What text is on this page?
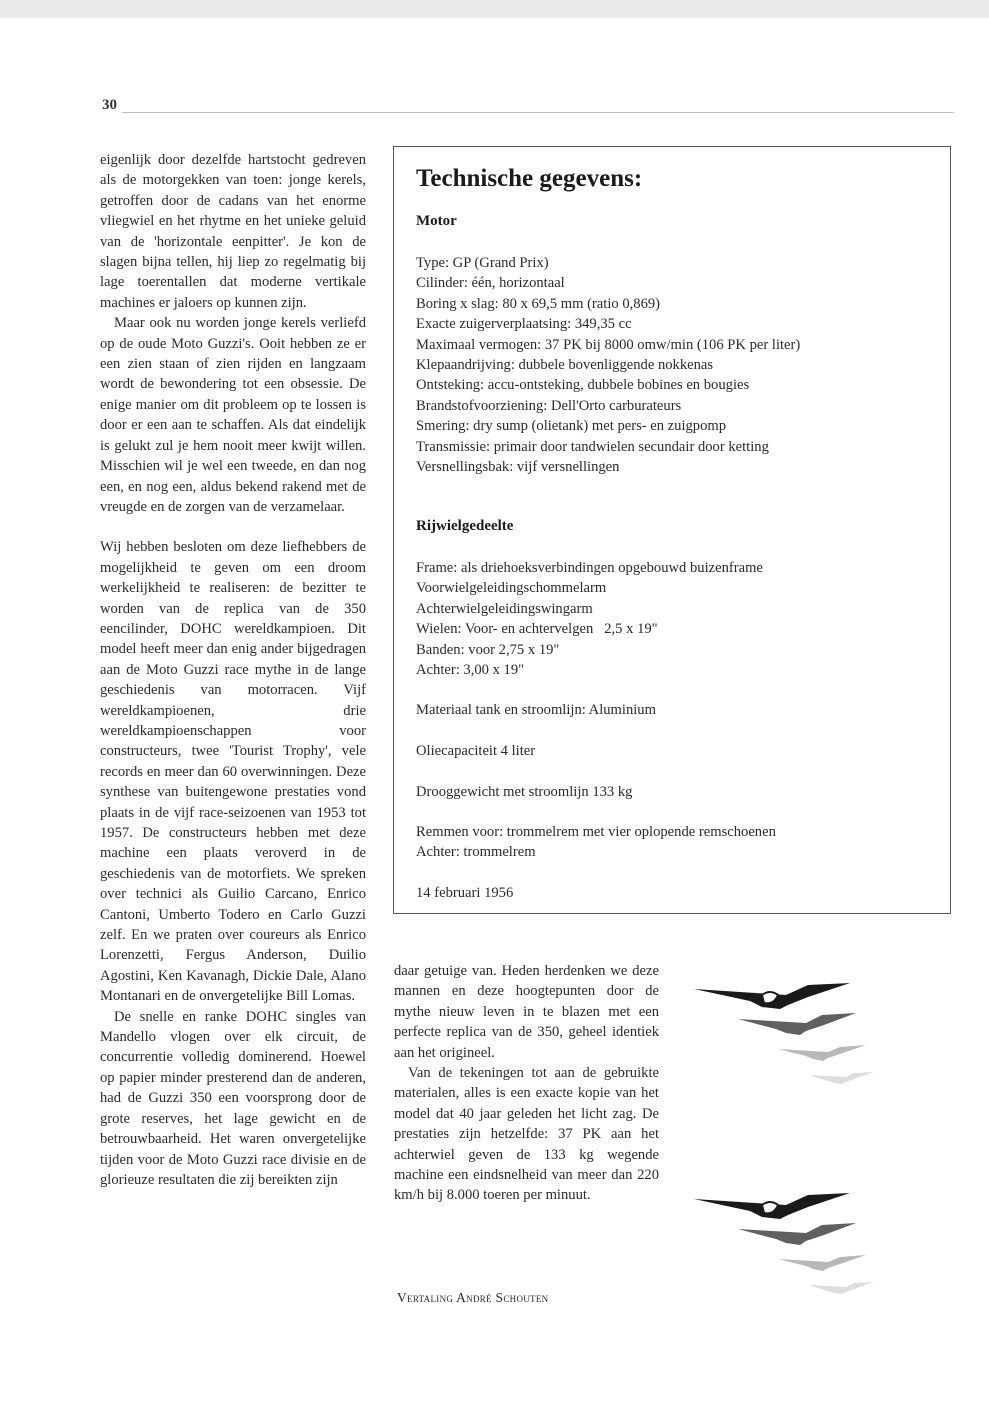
30

eigenlijk door dezelfde hartstocht gedreven als de motorgekken van toen: jonge kerels, getroffen door de cadans van het enorme vliegwiel en het rhytme en het unieke geluid van de 'horizontale eenpitter'. Je kon de slagen bijna tellen, hij liep zo regelmatig bij lage toerentallen dat moderne vertikale machines er jaloers op kunnen zijn.

Maar ook nu worden jonge kerels verliefd op de oude Moto Guzzi's. Ooit hebben ze er een zien staan of zien rijden en langzaam wordt de bewondering tot een obsessie. De enige manier om dit probleem op te lossen is door er een aan te schaffen. Als dat eindelijk is gelukt zul je hem nooit meer kwijt willen. Misschien wil je wel een tweede, en dan nog een, en nog een, aldus bekend rakend met de vreugde en de zorgen van de verzamelaar.

Wij hebben besloten om deze liefhebbers de mogelijkheid te geven om een droom werkelijkheid te realiseren: de bezitter te worden van de replica van de 350 eencilinder, DOHC wereldkampioen. Dit model heeft meer dan enig ander bijgedragen aan de Moto Guzzi race mythe in de lange geschiedenis van motorracen. Vijf wereldkampioenen, drie wereldkampioenschappen voor constructeurs, twee 'Tourist Trophy', vele records en meer dan 60 overwinningen. Deze synthese van buitengewone prestaties vond plaats in de vijf race-seizoenen van 1953 tot 1957. De constructeurs hebben met deze machine een plaats veroverd in de geschiedenis van de motorfiets. We spreken over technici als Guilio Carcano, Enrico Cantoni, Umberto Todero en Carlo Guzzi zelf. En we praten over coureurs als Enrico Lorenzetti, Fergus Anderson, Duilio Agostini, Ken Kavanagh, Dickie Dale, Alano Montanari en de onvergetelijke Bill Lomas.

De snelle en ranke DOHC singles van Mandello vlogen over elk circuit, de concurrentie volledig dominerend. Hoewel op papier minder presterend dan de anderen, had de Guzzi 350 een voorsprong door de grote reserves, het lage gewicht en de betrouwbaarheid. Het waren onvergetelijke tijden voor de Moto Guzzi race divisie en de glorieuze resultaten die zij bereikten zijn

Technische gegevens:
Motor
Type: GP (Grand Prix)
Cilinder: één, horizontaal
Boring x slag: 80 x 69,5 mm (ratio 0,869)
Exacte zuigerverplaatsing: 349,35 cc
Maximaal vermogen: 37 PK bij 8000 omw/min (106 PK per liter)
Klepaandrijving: dubbele bovenliggende nokkenas
Ontsteking: accu-ontsteking, dubbele bobines en bougies
Brandstofvoorziening: Dell'Orto carburateurs
Smering: dry sump (olietank) met pers- en zuigpomp
Transmissie: primair door tandwielen secundair door ketting
Versnellingsbak: vijf versnellingen
Rijwielgedeelte
Frame: als driehoeksverbindingen opgebouwd buizenframe
Voorwielgeleidingschommelarm
Achterwielgeleidingswingarm
Wielen: Voor- en achtervelgen   2,5 x 19"
Banden: voor 2,75 x 19"
Achter: 3,00 x 19"
Materiaal tank en stroomlijn: Aluminium
Oliecapaciteit 4 liter
Drooggewicht met stroomlijn 133 kg
Remmen voor: trommelrem met vier oplopende remschoenen
Achter: trommelrem
14 februari 1956

daar getuige van. Heden herdenken we deze mannen en deze hoogtepunten door de mythe nieuw leven in te blazen met een perfecte replica van de 350, geheel identiek aan het origineel.

Van de tekeningen tot aan de gebruikte materialen, alles is een exacte kopie van het model dat 40 jaar geleden het licht zag. De prestaties zijn hetzelfde: 37 PK aan het achterwiel geven de 133 kg wegende machine een eindsnelheid van meer dan 220 km/h bij 8.000 toeren per minuut.

Vertaling André Schouten
